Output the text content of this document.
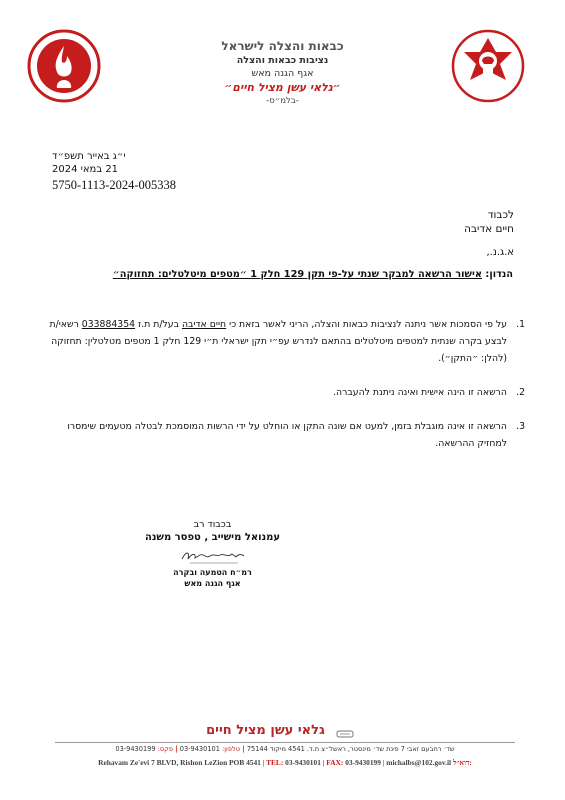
כבאות והצלה לישראל
נציבות כבאות והצלה
אגף הגנה מאש
״גלאי עשן מציל חיים״
-בלמ״ס-
י״ג באייר תשפ״ד
21 במאי 2024
5750-1113-2024-005338
לכבוד
חיים אדיבה
א.ג.נ.,
הנדון: אישור הרשאה למבקר שנתי על-פי תקן 129 חלק 1 ״מטפים מיטלטלים: תחזוקה״
1.
על פי הסמכות אשר ניתנה לנציבות כבאות והצלה, הריני לאשר בזאת כי חיים אדיבה בעל/ת ת.ז 033884354 רשאי/ת לבצע בקרה שנתית למטפים מיטלטלים בהתאם לנדרש עפ״י תקן ישראלי ת״י 129 חלק 1 מטפים מטלטלין: תחזוקה (להלן: ״התקן״).
2.
הרשאה זו הינה אישית ואינה ניתנת להעברה.
3.
הרשאה זו אינה מוגבלת בזמן, למעט אם שונה התקן או הוחלט על ידי הרשות המוסמכת לבטלה מטעמים שימסרו למחזיק ההרשאה.
בכבוד רב
עמנואל מישייב , טפסר משנה
רמ״ח הטמעה ובקרה
אגף הגנה מאש
גלאי עשן מציל חיים
שד׳ רחבעם זאבי 7 פינת שד׳ מינסטר, ראשל״צ ת.ד. 4541 מיקוד 75144 | טלפון: 03-9430101 | פקס: 03-9430199
Rehavam Ze'evi 7 BLVD, Rishon LeZion POB 4541 | TEL: 03-9430101 | FAX: 03-9430199 | michalbs@102.gov.il דוא״ל:
